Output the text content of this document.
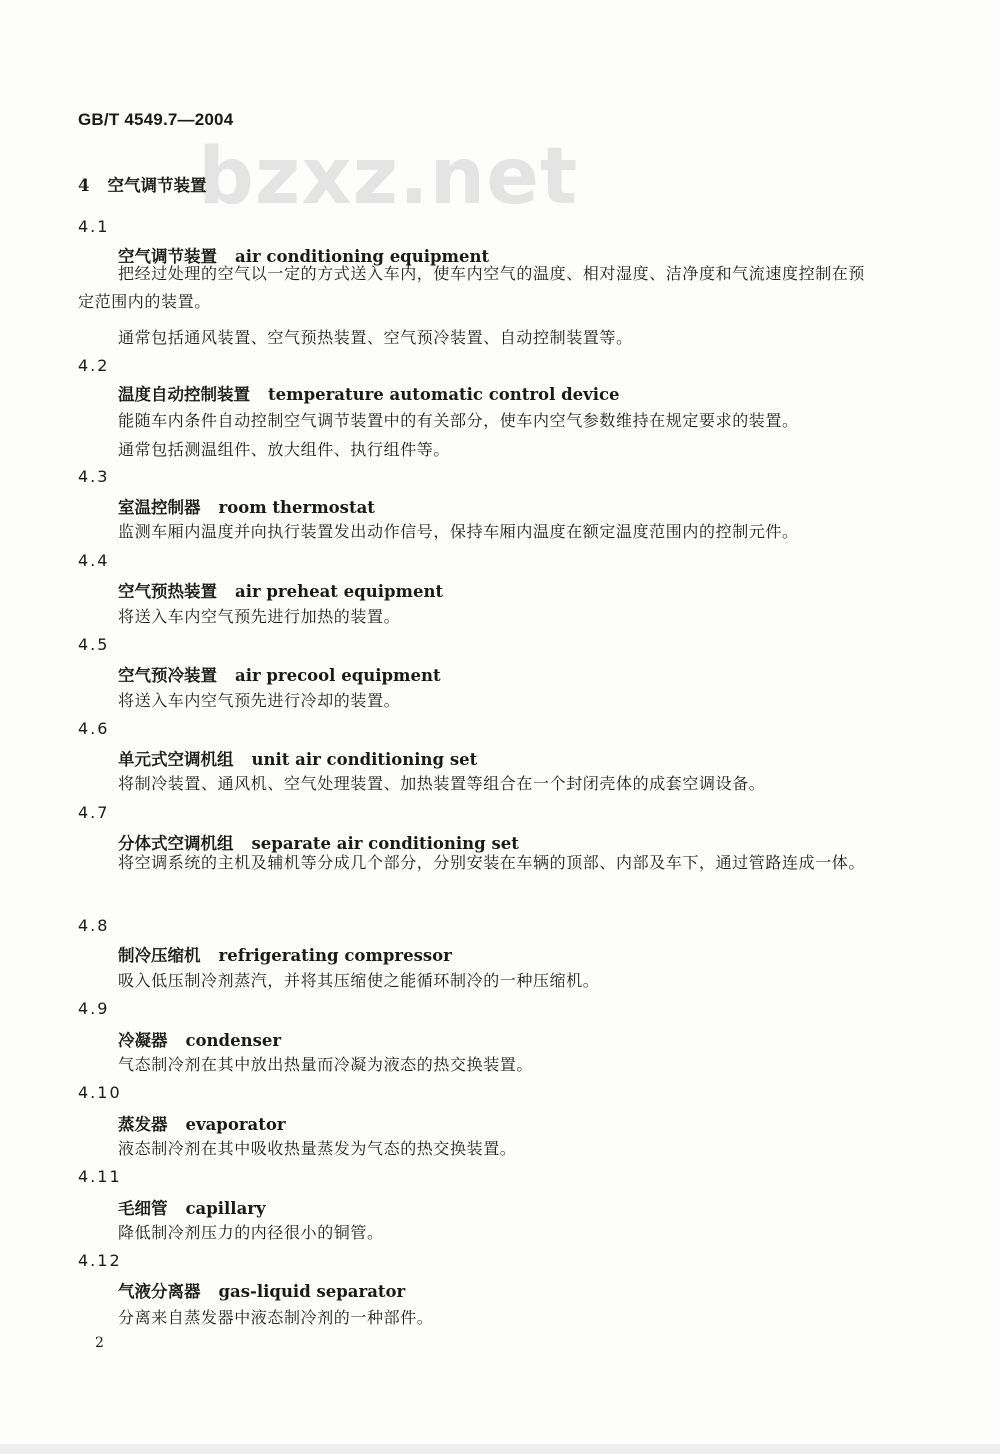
GB/T 4549.7—2004
bzxz.net
4 空气调节装置
4.1
空气调节装置 air conditioning equipment
把经过处理的空气以一定的方式送入车内，使车内空气的温度、相对湿度、洁净度和气流速度控制在预定范围内的装置。
通常包括通风装置、空气预热装置、空气预冷装置、自动控制装置等。
4.2
温度自动控制装置 temperature automatic control device
能随车内条件自动控制空气调节装置中的有关部分，使车内空气参数维持在规定要求的装置。
通常包括测温组件、放大组件、执行组件等。
4.3
室温控制器 room thermostat
监测车厢内温度并向执行装置发出动作信号，保持车厢内温度在额定温度范围内的控制元件。
4.4
空气预热装置 air preheat equipment
将送入车内空气预先进行加热的装置。
4.5
空气预冷装置 air precool equipment
将送入车内空气预先进行冷却的装置。
4.6
单元式空调机组 unit air conditioning set
将制冷装置、通风机、空气处理装置、加热装置等组合在一个封闭壳体的成套空调设备。
4.7
分体式空调机组 separate air conditioning set
将空调系统的主机及辅机等分成几个部分，分别安装在车辆的顶部、内部及车下，通过管路连成一体。
4.8
制冷压缩机 refrigerating compressor
吸入低压制冷剂蒸汽，并将其压缩使之能循环制冷的一种压缩机。
4.9
冷凝器 condenser
气态制冷剂在其中放出热量而冷凝为液态的热交换装置。
4.10
蒸发器 evaporator
液态制冷剂在其中吸收热量蒸发为气态的热交换装置。
4.11
毛细管 capillary
降低制冷剂压力的内径很小的铜管。
4.12
气液分离器 gas-liquid separator
分离来自蒸发器中液态制冷剂的一种部件。
2
